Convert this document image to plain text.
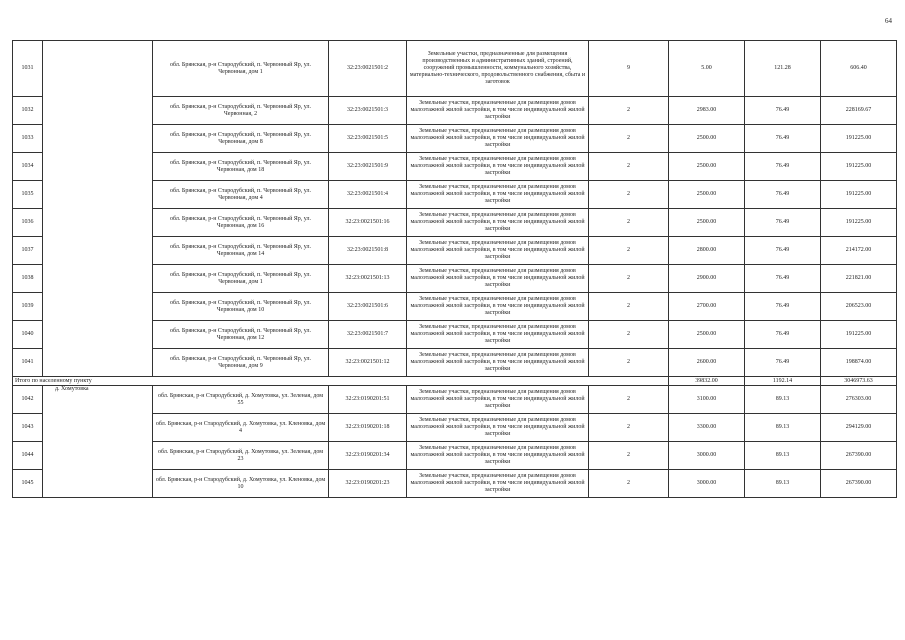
64
1031		обл. Брянская, р-н Стародубский, п. Червонный Яр, ул. Червонная, дом 1	32:23:0021501:2	Земельные участки, предназначенные для размещения производственных и административных зданий, строений, сооружений промышленности, коммунального хозяйства, материально-технического, продовольственного снабжения, сбыта и заготовок	9	5.00	121.28	606.40
1032		обл. Брянская, р-н Стародубский, п. Червонный Яр, ул. Червонная, 2	32:23:0021501:3	Земельные участки, предназначенные для размещения домов малоэтажной жилой застройки, в том числе индивидуальной жилой застройки	2	2983.00	76.49	228169.67
1033		обл. Брянская, р-н Стародубский, п. Червонный Яр, ул. Червонная, дом 8	32:23:0021501:5	Земельные участки, предназначенные для размещения домов малоэтажной жилой застройки, в том числе индивидуальной жилой застройки	2	2500.00	76.49	191225.00
1034		обл. Брянская, р-н Стародубский, п. Червонный Яр, ул. Червонная, дом 18	32:23:0021501:9	Земельные участки, предназначенные для размещения домов малоэтажной жилой застройки, в том числе индивидуальной жилой застройки	2	2500.00	76.49	191225.00
1035		обл. Брянская, р-н Стародубский, п. Червонный Яр, ул. Червонная, дом 4	32:23:0021501:4	Земельные участки, предназначенные для размещения домов малоэтажной жилой застройки, в том числе индивидуальной жилой застройки	2	2500.00	76.49	191225.00
1036		обл. Брянская, р-н Стародубский, п. Червонный Яр, ул. Червонная, дом 16	32:23:0021501:16	Земельные участки, предназначенные для размещения домов малоэтажной жилой застройки, в том числе индивидуальной жилой застройки	2	2500.00	76.49	191225.00
1037		обл. Брянская, р-н Стародубский, п. Червонный Яр, ул. Червонная, дом 14	32:23:0021501:8	Земельные участки, предназначенные для размещения домов малоэтажной жилой застройки, в том числе индивидуальной жилой застройки	2	2800.00	76.49	214172.00
1038		обл. Брянская, р-н Стародубский, п. Червонный Яр, ул. Червонная, дом 1	32:23:0021501:13	Земельные участки, предназначенные для размещения домов малоэтажной жилой застройки, в том числе индивидуальной жилой застройки	2	2900.00	76.49	221821.00
1039		обл. Брянская, р-н Стародубский, п. Червонный Яр, ул. Червонная, дом 10	32:23:0021501:6	Земельные участки, предназначенные для размещения домов малоэтажной жилой застройки, в том числе индивидуальной жилой застройки	2	2700.00	76.49	206523.00
1040		обл. Брянская, р-н Стародубский, п. Червонный Яр, ул. Червонная, дом 12	32:23:0021501:7	Земельные участки, предназначенные для размещения домов малоэтажной жилой застройки, в том числе индивидуальной жилой застройки	2	2500.00	76.49	191225.00
1041		обл. Брянская, р-н Стародубский, п. Червонный Яр, ул. Червонная, дом 9	32:23:0021501:12	Земельные участки, предназначенные для размещения домов малоэтажной жилой застройки, в том числе индивидуальной жилой застройки	2	2600.00	76.49	198874.00
Итого по населенному пункту						39832.00	1192.14	3046973.63
1042	д. Хомутовка	обл. Брянская, р-н Стародубский, д. Хомутовка, ул. Зеленая, дом 55	32:23:0190201:51	Земельные участки, предназначенные для размещения домов малоэтажной жилой застройки, в том числе индивидуальной жилой застройки	2	3100.00	89.13	276303.00
1043		обл. Брянская, р-н Стародубский, д. Хомутовка, ул. Кленовка, дом 4	32:23:0190201:18	Земельные участки, предназначенные для размещения домов малоэтажной жилой застройки, в том числе индивидуальной жилой застройки	2	3300.00	89.13	294129.00
1044		обл. Брянская, р-н Стародубский, д. Хомутовка, ул. Зеленая, дом 23	32:23:0190201:34	Земельные участки, предназначенные для размещения домов малоэтажной жилой застройки, в том числе индивидуальной жилой застройки	2	3000.00	89.13	267390.00
1045		обл. Брянская, р-н Стародубский, д. Хомутовка, ул. Кленовка, дом 10	32:23:0190201:23	Земельные участки, предназначенные для размещения домов малоэтажной жилой застройки, в том числе индивидуальной жилой застройки	2	3000.00	89.13	267390.00
